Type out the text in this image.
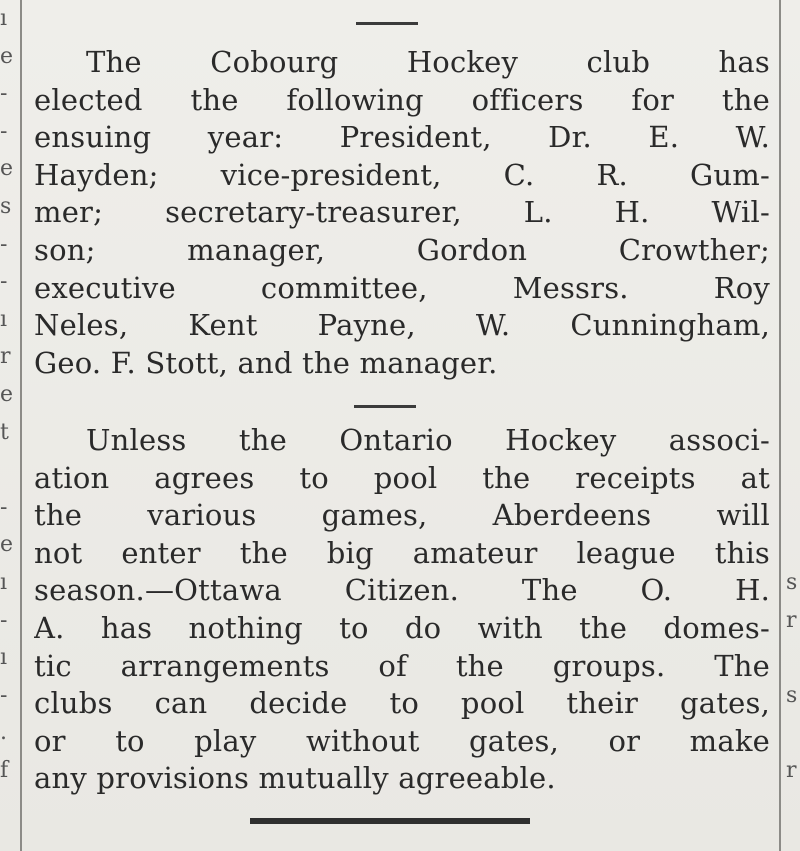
ı
e
-
-
e
s
-
-
ı
r
e
t
-
e
ı
-
ı
-
.
f
s
r
s
r
The Cobourg Hockey club has
elected the following officers for the
ensuing year: President, Dr. E. W.
Hayden; vice-president, C. R. Gum-
mer; secretary-treasurer, L. H. Wil-
son; manager, Gordon Crowther;
executive committee, Messrs. Roy
Neles, Kent Payne, W. Cunningham,
Geo. F. Stott, and the manager.
Unless the Ontario Hockey associ-
ation agrees to pool the receipts at
the various games, Aberdeens will
not enter the big amateur league this
season.—Ottawa Citizen. The O. H.
A. has nothing to do with the domes-
tic arrangements of the groups. The
clubs can decide to pool their gates,
or to play without gates, or make
any provisions mutually agreeable.
